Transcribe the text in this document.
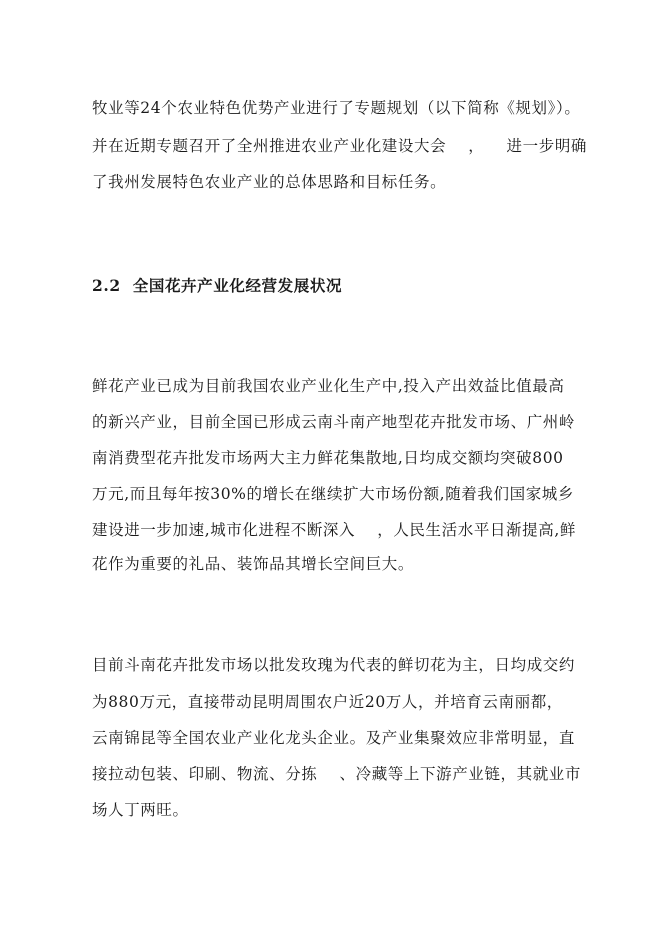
牧业等24个农业特色优势产业进行了专题规划（以下简称《规划》）。
并在近期专题召开了全州推进农业产业化建设大会    ，    进一步明确
了我州发展特色农业产业的总体思路和目标任务。
2.2  全国花卉产业化经营发展状况
鲜花产业已成为目前我国农业产业化生产中,投入产出效益比值最高
的新兴产业，目前全国已形成云南斗南产地型花卉批发市场、广州岭
南消费型花卉批发市场两大主力鲜花集散地,日均成交额均突破800
万元,而且每年按30%的增长在继续扩大市场份额,随着我们国家城乡
建设进一步加速,城市化进程不断深入    ，人民生活水平日渐提高,鲜
花作为重要的礼品、装饰品其增长空间巨大。
目前斗南花卉批发市场以批发玫瑰为代表的鲜切花为主，日均成交约
为880万元，直接带动昆明周围农户近20万人，并培育云南丽都，
云南锦昆等全国农业产业化龙头企业。及产业集聚效应非常明显，直
接拉动包装、印刷、物流、分拣    、冷藏等上下游产业链，其就业市
场人丁两旺。
